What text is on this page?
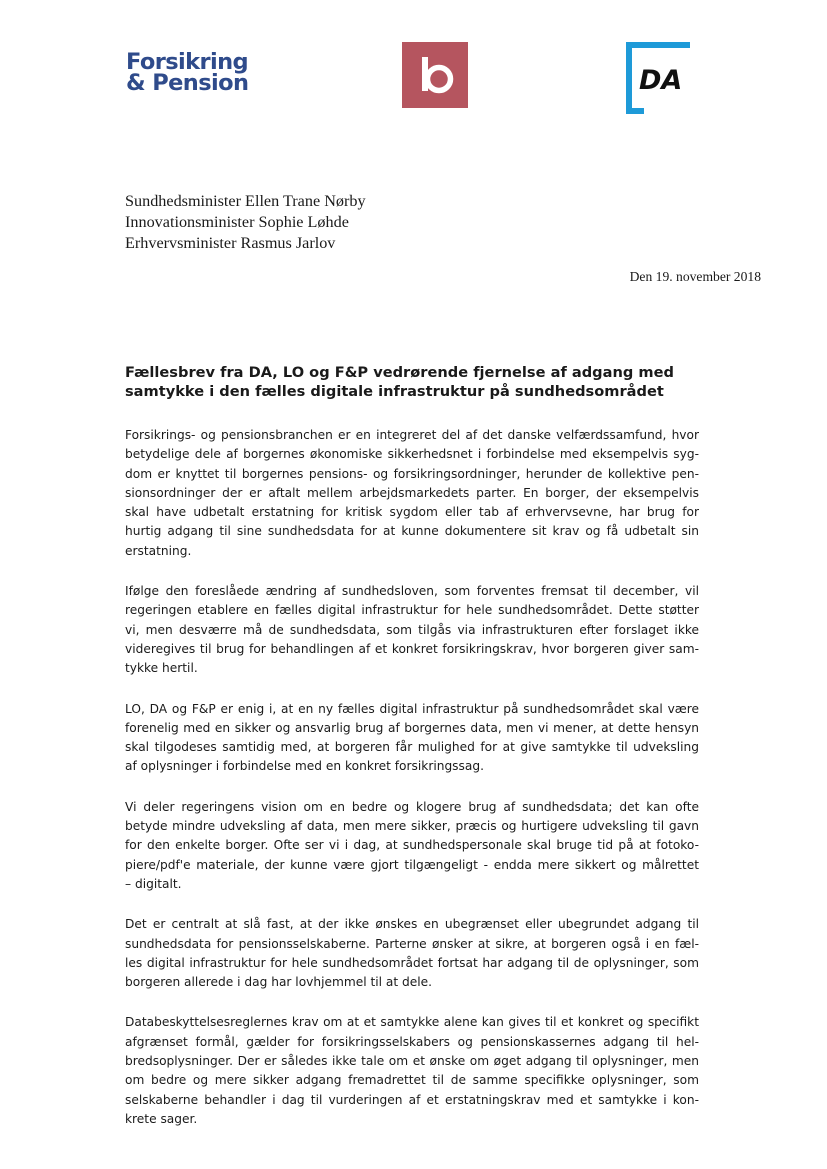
Forsikring
& Pension	DA
Sundhedsminister Ellen Trane Nørby
Innovationsminister Sophie Løhde
Erhvervsminister Rasmus Jarlov
Den 19. november 2018
Fællesbrev fra DA, LO og F&P vedrørende fjernelse af adgang med
samtykke i den fælles digitale infrastruktur på sundhedsområdet

Forsikrings- og pensionsbranchen er en integreret del af det danske velfærdssamfund, hvor
betydelige dele af borgernes økonomiske sikkerhedsnet i forbindelse med eksempelvis syg-
dom er knyttet til borgernes pensions- og forsikringsordninger, herunder de kollektive pen-
sionsordninger der er aftalt mellem arbejdsmarkedets parter. En borger, der eksempelvis
skal have udbetalt erstatning for kritisk sygdom eller tab af erhvervsevne, har brug for
hurtig adgang til sine sundhedsdata for at kunne dokumentere sit krav og få udbetalt sin
erstatning.

Ifølge den foreslåede ændring af sundhedsloven, som forventes fremsat til december, vil
regeringen etablere en fælles digital infrastruktur for hele sundhedsområdet. Dette støtter
vi, men desværre må de sundhedsdata, som tilgås via infrastrukturen efter forslaget ikke
videregives til brug for behandlingen af et konkret forsikringskrav, hvor borgeren giver sam-
tykke hertil.

LO, DA og F&P er enig i, at en ny fælles digital infrastruktur på sundhedsområdet skal være
forenelig med en sikker og ansvarlig brug af borgernes data, men vi mener, at dette hensyn
skal tilgodeses samtidig med, at borgeren får mulighed for at give samtykke til udveksling
af oplysninger i forbindelse med en konkret forsikringssag.

Vi deler regeringens vision om en bedre og klogere brug af sundhedsdata; det kan ofte
betyde mindre udveksling af data, men mere sikker, præcis og hurtigere udveksling til gavn
for den enkelte borger. Ofte ser vi i dag, at sundhedspersonale skal bruge tid på at fotoko-
piere/pdf'e materiale, der kunne være gjort tilgængeligt - endda mere sikkert og målrettet
– digitalt.

Det er centralt at slå fast, at der ikke ønskes en ubegrænset eller ubegrundet adgang til
sundhedsdata for pensionsselskaberne. Parterne ønsker at sikre, at borgeren også i en fæl-
les digital infrastruktur for hele sundhedsområdet fortsat har adgang til de oplysninger, som
borgeren allerede i dag har lovhjemmel til at dele.

Databeskyttelsesreglernes krav om at et samtykke alene kan gives til et konkret og specifikt
afgrænset formål, gælder for forsikringsselskabers og pensionskassernes adgang til hel-
bredsoplysninger. Der er således ikke tale om et ønske om øget adgang til oplysninger, men
om bedre og mere sikker adgang fremadrettet til de samme specifikke oplysninger, som
selskaberne behandler i dag til vurderingen af et erstatningskrav med et samtykke i kon-
krete sager.
